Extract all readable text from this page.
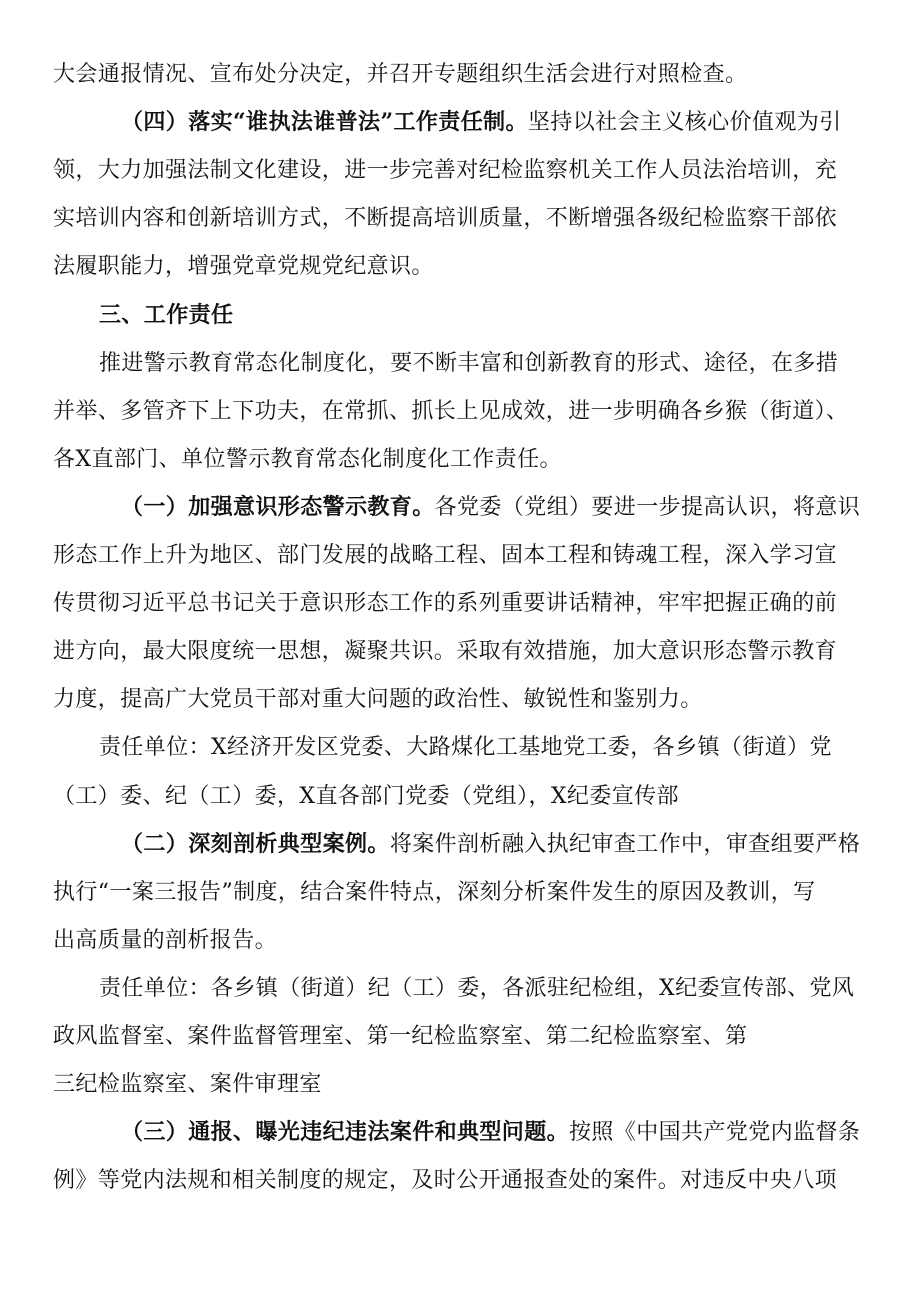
大会通报情况、宣布处分决定，并召开专题组织生活会进行对照检查。
（四）落实“谁执法谁普法”工作责任制。坚持以社会主义核心价值观为引
领，大力加强法制文化建设，进一步完善对纪检监察机关工作人员法治培训，充
实培训内容和创新培训方式，不断提高培训质量，不断增强各级纪检监察干部依
法履职能力，增强党章党规党纪意识。
三、工作责任
推进警示教育常态化制度化，要不断丰富和创新教育的形式、途径，在多措
并举、多管齐下上下功夫，在常抓、抓长上见成效，进一步明确各乡猴（街道）、
各X直部门、单位警示教育常态化制度化工作责任。
（一）加强意识形态警示教育。各党委（党组）要进一步提高认识，将意识
形态工作上升为地区、部门发展的战略工程、固本工程和铸魂工程，深入学习宣
传贯彻习近平总书记关于意识形态工作的系列重要讲话精神，牢牢把握正确的前
进方向，最大限度统一思想，凝聚共识。采取有效措施，加大意识形态警示教育
力度，提高广大党员干部对重大问题的政治性、敏锐性和鉴别力。
责任单位：X经济开发区党委、大路煤化工基地党工委，各乡镇（街道）党
（工）委、纪（工）委，X直各部门党委（党组），X纪委宣传部
（二）深刻剖析典型案例。将案件剖析融入执纪审查工作中，审查组要严格
执行“一案三报告”制度，结合案件特点，深刻分析案件发生的原因及教训，写
出高质量的剖析报告。
责任单位：各乡镇（街道）纪（工）委，各派驻纪检组，X纪委宣传部、党风
政风监督室、案件监督管理室、第一纪检监察室、第二纪检监察室、第
三纪检监察室、案件审理室
（三）通报、曝光违纪违法案件和典型问题。按照《中国共产党党内监督条
例》等党内法规和相关制度的规定，及时公开通报查处的案件。对违反中央八项
